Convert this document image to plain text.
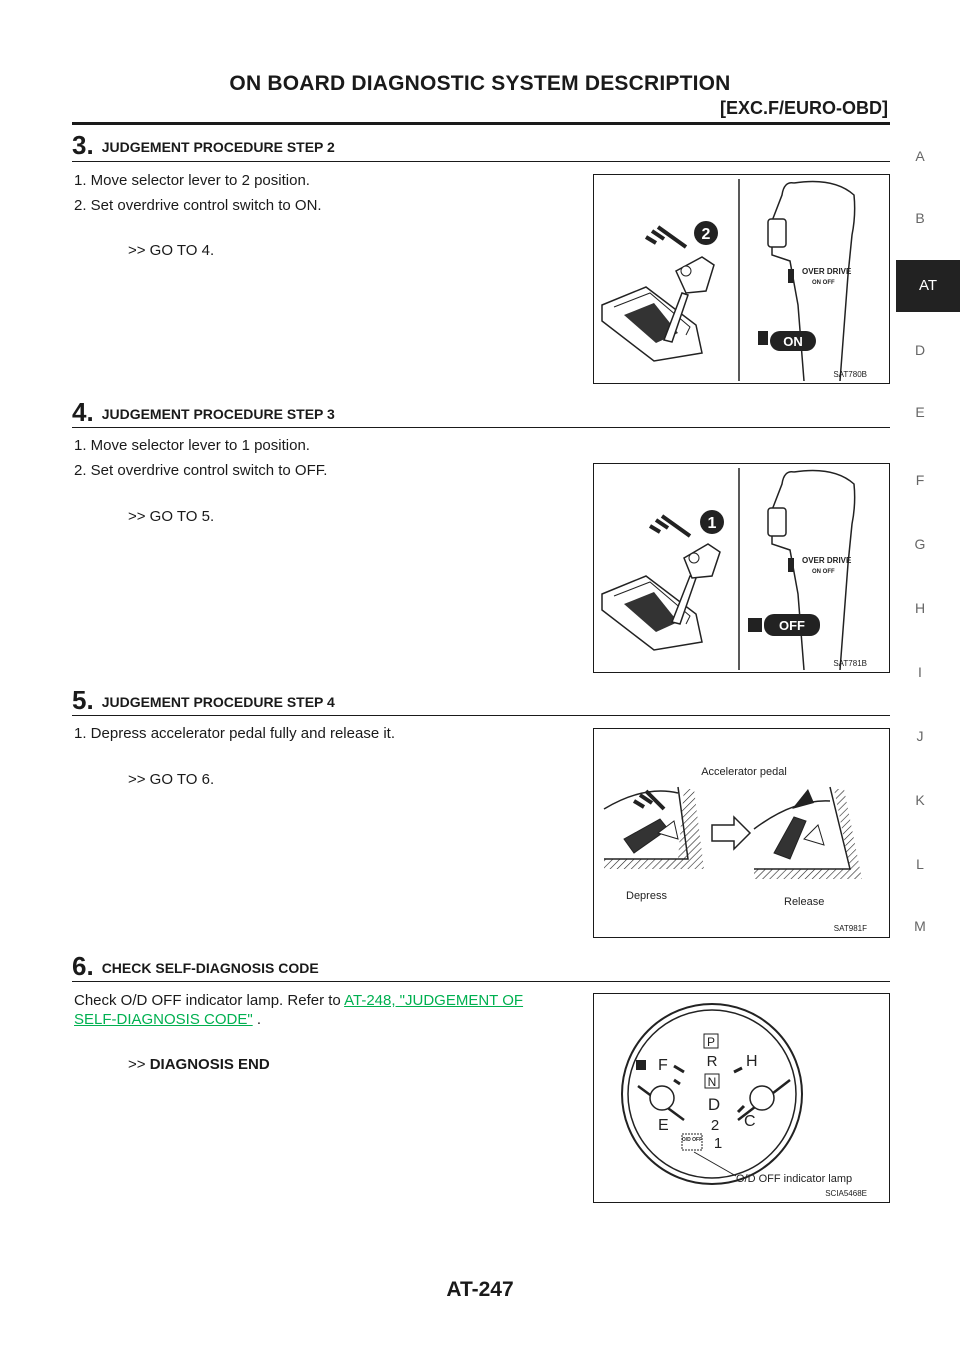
ON BOARD DIAGNOSTIC SYSTEM DESCRIPTION
[EXC.F/EURO-OBD]
A
B
AT
D
E
F
G
H
I
J
K
L
M
3. JUDGEMENT PROCEDURE STEP 2
1. Move selector lever to 2 position.
2. Set overdrive control switch to ON.
>> GO TO 4.
2
OVER DRIVE
ON OFF
ON
SAT780B
4. JUDGEMENT PROCEDURE STEP 3
1. Move selector lever to 1 position.
2. Set overdrive control switch to OFF.
>> GO TO 5.	1
OVER DRIVE
ON OFF
OFF
SAT781B
5. JUDGEMENT PROCEDURE STEP 4
1. Depress accelerator pedal fully and release it.
>> GO TO 6.	Accelerator pedal
Depress	Release
SAT981F
6. CHECK SELF-DIAGNOSIS CODE
Check O/D OFF indicator lamp. Refer to AT-248, "JUDGEMENT OF
SELF-DIAGNOSIS CODE" .
>> DIAGNOSIS END
P
R
N
D
2
1
F
E
H
C
O/D OFF
O/D OFF indicator lamp
SCIA5468E
AT-247
